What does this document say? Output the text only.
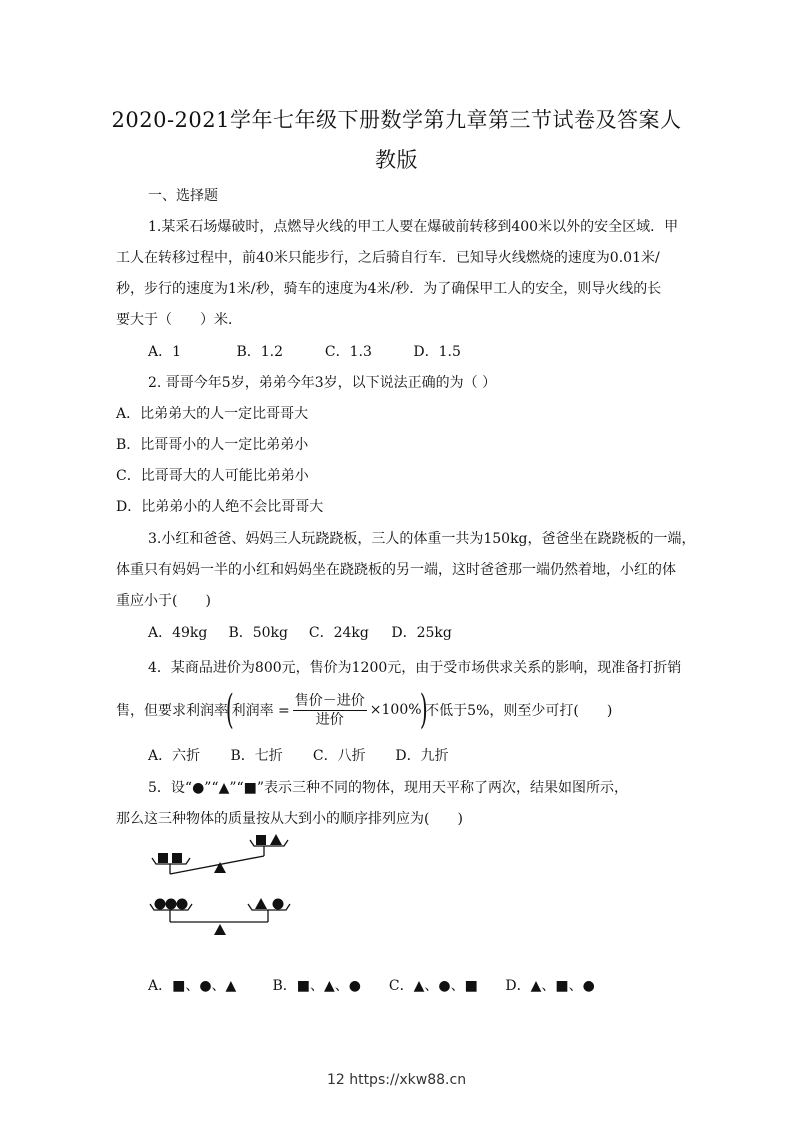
2020-2021学年七年级下册数学第九章第三节试卷及答案人
教版
一、选择题
1.某采石场爆破时，点燃导火线的甲工人要在爆破前转移到400米以外的安全区域．甲
工人在转移过程中，前40米只能步行，之后骑自行车．已知导火线燃烧的速度为0.01米/
秒，步行的速度为1米/秒，骑车的速度为4米/秒．为了确保甲工人的安全，则导火线的长
要大于（　　）米．
A．1	B．1.2	C．1.3	D．1.5
2. 哥哥今年5岁，弟弟今年3岁，以下说法正确的为（ ）
A．比弟弟大的人一定比哥哥大
B．比哥哥小的人一定比弟弟小
C．比哥哥大的人可能比弟弟小
D．比弟弟小的人绝不会比哥哥大
3.小红和爸爸、妈妈三人玩跷跷板，三人的体重一共为150kg，爸爸坐在跷跷板的一端，
体重只有妈妈一半的小红和妈妈坐在跷跷板的另一端，这时爸爸那一端仍然着地，小红的体
重应小于(　　)
A．49kg B．50kg C．24kg D．25kg
4．某商品进价为800元，售价为1200元，由于受市场供求关系的影响，现准备打折销
售，但要求利润率
(
利润率 = $\frac{\text{售价－进价}}{\text{进价}} \times 100\%$
)
不低于5%，则至少可打(　　)
A．六折 B．七折 C．八折 D．九折
5．设“●”“▲”“■”表示三种不同的物体，现用天平称了两次，结果如图所示，
那么这三种物体的质量按从大到小的顺序排列应为(　　)
A．■、●、▲	B．■、▲、● C．▲、●、■ D．▲、■、●
12 https://xkw88.cn
